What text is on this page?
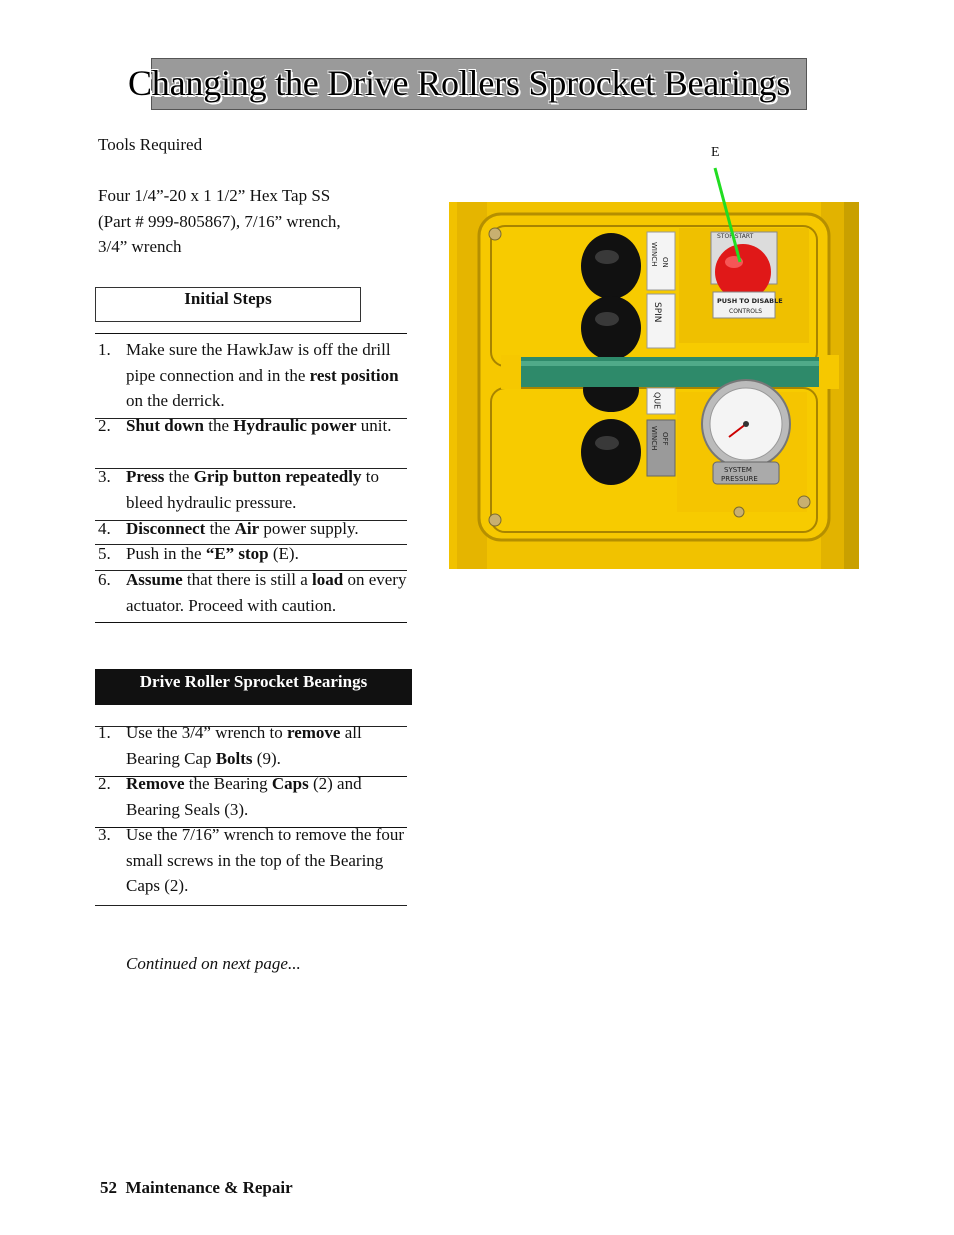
Changing the Drive Rollers Sprocket Bearings
Tools Required
Four 1/4”-20 x 1 1/2” Hex Tap SS
(Part # 999-805867), 7/16” wrench,
3/4” wrench
Initial Steps
1. Make sure the HawkJaw is off the drill pipe connection and in the rest position on the derrick.
2. Shut down the Hydraulic power unit.
3. Press the Grip button repeatedly to bleed hydraulic pressure.
4. Disconnect the Air power supply.
5. Push in the “E” stop (E).
6. Assume that there is still a load on every actuator. Proceed with caution.
Drive Roller Sprocket Bearings
1. Use the 3/4” wrench to remove all Bearing Cap Bolts (9).
2. Remove the Bearing Caps (2) and Bearing Seals (3).
3. Use the 7/16” wrench to remove the four small screws in the top of the Bearing Caps (2).
Continued on next page...
52 Maintenance & Repair
E
WINCH ON
SPIN
QUE
WINCH OFF
STOP START
PUSH TO DISABLE
CONTROLS
SYSTEM
PRESSURE
